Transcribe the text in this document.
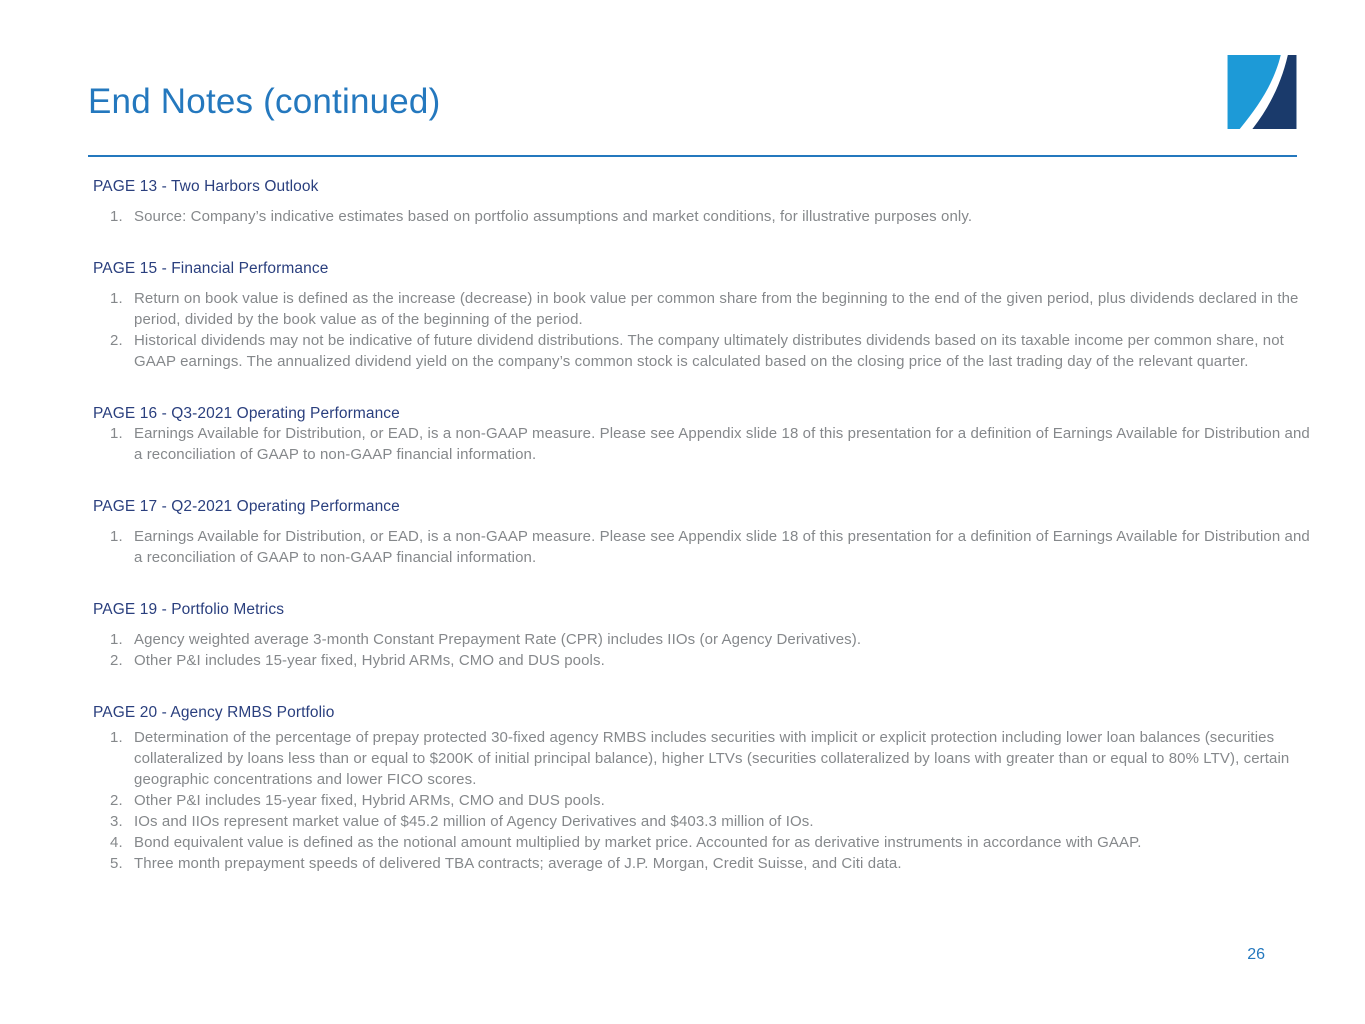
End Notes (continued)
PAGE 13 - Two Harbors Outlook
1. Source: Company’s indicative estimates based on portfolio assumptions and market conditions, for illustrative purposes only.
PAGE 15 - Financial Performance
1. Return on book value is defined as the increase (decrease) in book value per common share from the beginning to the end of the given period, plus dividends declared in the period, divided by the book value as of the beginning of the period.
2. Historical dividends may not be indicative of future dividend distributions. The company ultimately distributes dividends based on its taxable income per common share, not GAAP earnings. The annualized dividend yield on the company’s common stock is calculated based on the closing price of the last trading day of the relevant quarter.
PAGE 16 - Q3-2021 Operating Performance
1. Earnings Available for Distribution, or EAD, is a non-GAAP measure. Please see Appendix slide 18 of this presentation for a definition of Earnings Available for Distribution and a reconciliation of GAAP to non-GAAP financial information.
PAGE 17 - Q2-2021 Operating Performance
1. Earnings Available for Distribution, or EAD, is a non-GAAP measure. Please see Appendix slide 18 of this presentation for a definition of Earnings Available for Distribution and a reconciliation of GAAP to non-GAAP financial information.
PAGE 19 - Portfolio Metrics
1. Agency weighted average 3-month Constant Prepayment Rate (CPR) includes IIOs (or Agency Derivatives).
2. Other P&I includes 15-year fixed, Hybrid ARMs, CMO and DUS pools.
PAGE 20 - Agency RMBS Portfolio
1. Determination of the percentage of prepay protected 30-fixed agency RMBS includes securities with implicit or explicit protection including lower loan balances (securities collateralized by loans less than or equal to $200K of initial principal balance), higher LTVs (securities collateralized by loans with greater than or equal to 80% LTV), certain geographic concentrations and lower FICO scores.
2. Other P&I includes 15-year fixed, Hybrid ARMs, CMO and DUS pools.
3. IOs and IIOs represent market value of $45.2 million of Agency Derivatives and $403.3 million of IOs.
4. Bond equivalent value is defined as the notional amount multiplied by market price. Accounted for as derivative instruments in accordance with GAAP.
5. Three month prepayment speeds of delivered TBA contracts; average of J.P. Morgan, Credit Suisse, and Citi data.
26
